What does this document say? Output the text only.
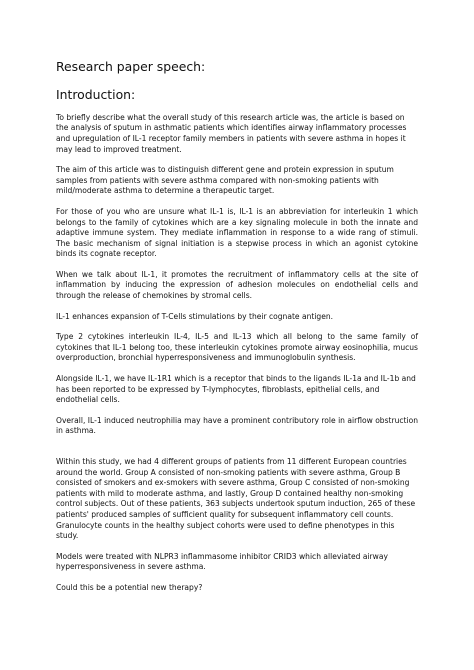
Research paper speech:
Introduction:

To briefly describe what the overall study of this research article was, the article is based on the analysis of sputum in asthmatic patients which identifies airway inflammatory processes and upregulation of IL-1 receptor family members in patients with severe asthma in hopes it may lead to improved treatment.

The aim of this article was to distinguish different gene and protein expression in sputum samples from patients with severe asthma compared with non-smoking patients with mild/moderate asthma to determine a therapeutic target.

For those of you who are unsure what IL-1 is, IL-1 is an abbreviation for interleukin 1 which belongs to the family of cytokines which are a key signaling molecule in both the innate and adaptive immune system. They mediate inflammation in response to a wide rang of stimuli. The basic mechanism of signal initiation is a stepwise process in which an agonist cytokine binds its cognate receptor.

When we talk about IL-1, it promotes the recruitment of inflammatory cells at the site of inflammation by inducing the expression of adhesion molecules on endothelial cells and through the release of chemokines by stromal cells.

IL-1 enhances expansion of T-Cells stimulations by their cognate antigen.

Type 2 cytokines interleukin IL-4, IL-5 and IL-13 which all belong to the same family of cytokines that IL-1 belong too, these interleukin cytokines promote airway eosinophilia, mucus overproduction, bronchial hyperresponsiveness and immunoglobulin synthesis.

Alongside IL-1, we have IL-1R1 which is a receptor that binds to the ligands IL-1a and IL-1b and has been reported to be expressed by T-lymphocytes, fibroblasts, epithelial cells, and endothelial cells.

Overall, IL-1 induced neutrophilia may have a prominent contributory role in airflow obstruction in asthma.

Within this study, we had 4 different groups of patients from 11 different European countries around the world. Group A consisted of non-smoking patients with severe asthma, Group B consisted of smokers and ex-smokers with severe asthma, Group C consisted of non-smoking patients with mild to moderate asthma, and lastly, Group D contained healthy non-smoking control subjects. Out of these patients, 363 subjects undertook sputum induction, 265 of these patients' produced samples of sufficient quality for subsequent inflammatory cell counts. Granulocyte counts in the healthy subject cohorts were used to define phenotypes in this study.

Models were treated with NLPR3 inflammasome inhibitor CRID3 which alleviated airway hyperresponsiveness in severe asthma.

Could this be a potential new therapy?
